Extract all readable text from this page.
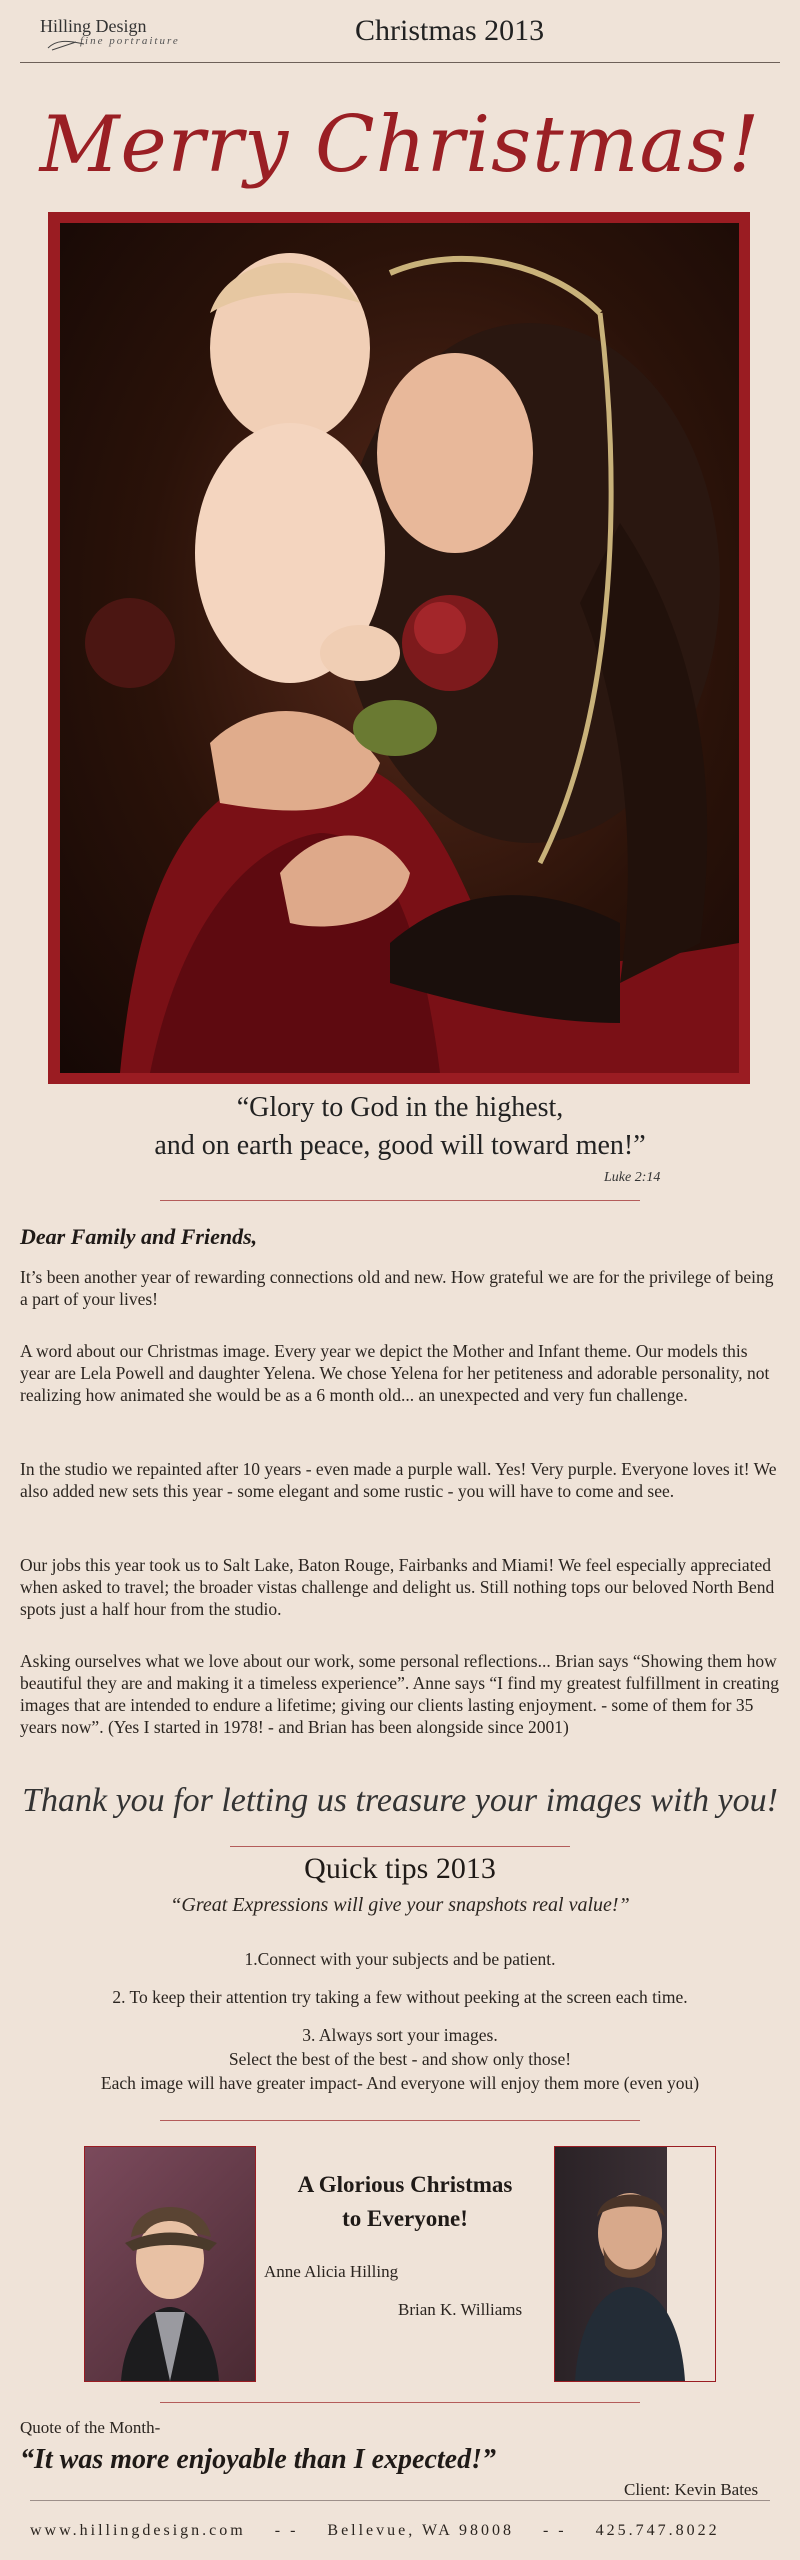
Hilling Design
fine portraiture	Christmas 2013
Merry Christmas!
“Glory to God in the highest,
and on earth peace, good will toward men!”
Luke 2:14
Dear Family and Friends,
It’s been another year of rewarding connections old and new. How grateful we are for the privilege of being a part of your lives!
A word about our Christmas image. Every year we depict the Mother and Infant theme. Our models this year are Lela Powell and daughter Yelena. We chose Yelena for her petiteness and adorable personality, not realizing how animated she would be as a 6 month old... an unexpected and very fun challenge.
In the studio we repainted after 10 years - even made a purple wall. Yes! Very purple. Everyone loves it! We also added new sets this year - some elegant and some rustic - you will have to come and see.
Our jobs this year took us to Salt Lake, Baton Rouge, Fairbanks and Miami! We feel especially appreciated when asked to travel; the broader vistas challenge and delight us. Still nothing tops our beloved North Bend spots just a half hour from the studio.
Asking ourselves what we love about our work, some personal reflections... Brian says “Showing them how beautiful they are and making it a timeless experience”. Anne says “I find my greatest fulfillment in creating images that are intended to endure a lifetime; giving our clients lasting enjoyment. - some of them for 35 years now”. (Yes I started in 1978! - and Brian has been alongside since 2001)
Thank you for letting us treasure your images with you!
Quick tips 2013
“Great Expressions will give your snapshots real value!”
1.Connect with your subjects and be patient.
2. To keep their attention try taking a few without peeking at the screen each time.
3. Always sort your images.
Select the best of the best - and show only those!
Each image will have greater impact- And everyone will enjoy them more (even you)
A Glorious Christmas
to Everyone!
Anne Alicia Hilling
Brian K. Williams
Quote of the Month-
“It was more enjoyable than I expected!”
Client: Kevin Bates
www.hillingdesign.com - - Bellevue, WA 98008 - - 425.747.8022
